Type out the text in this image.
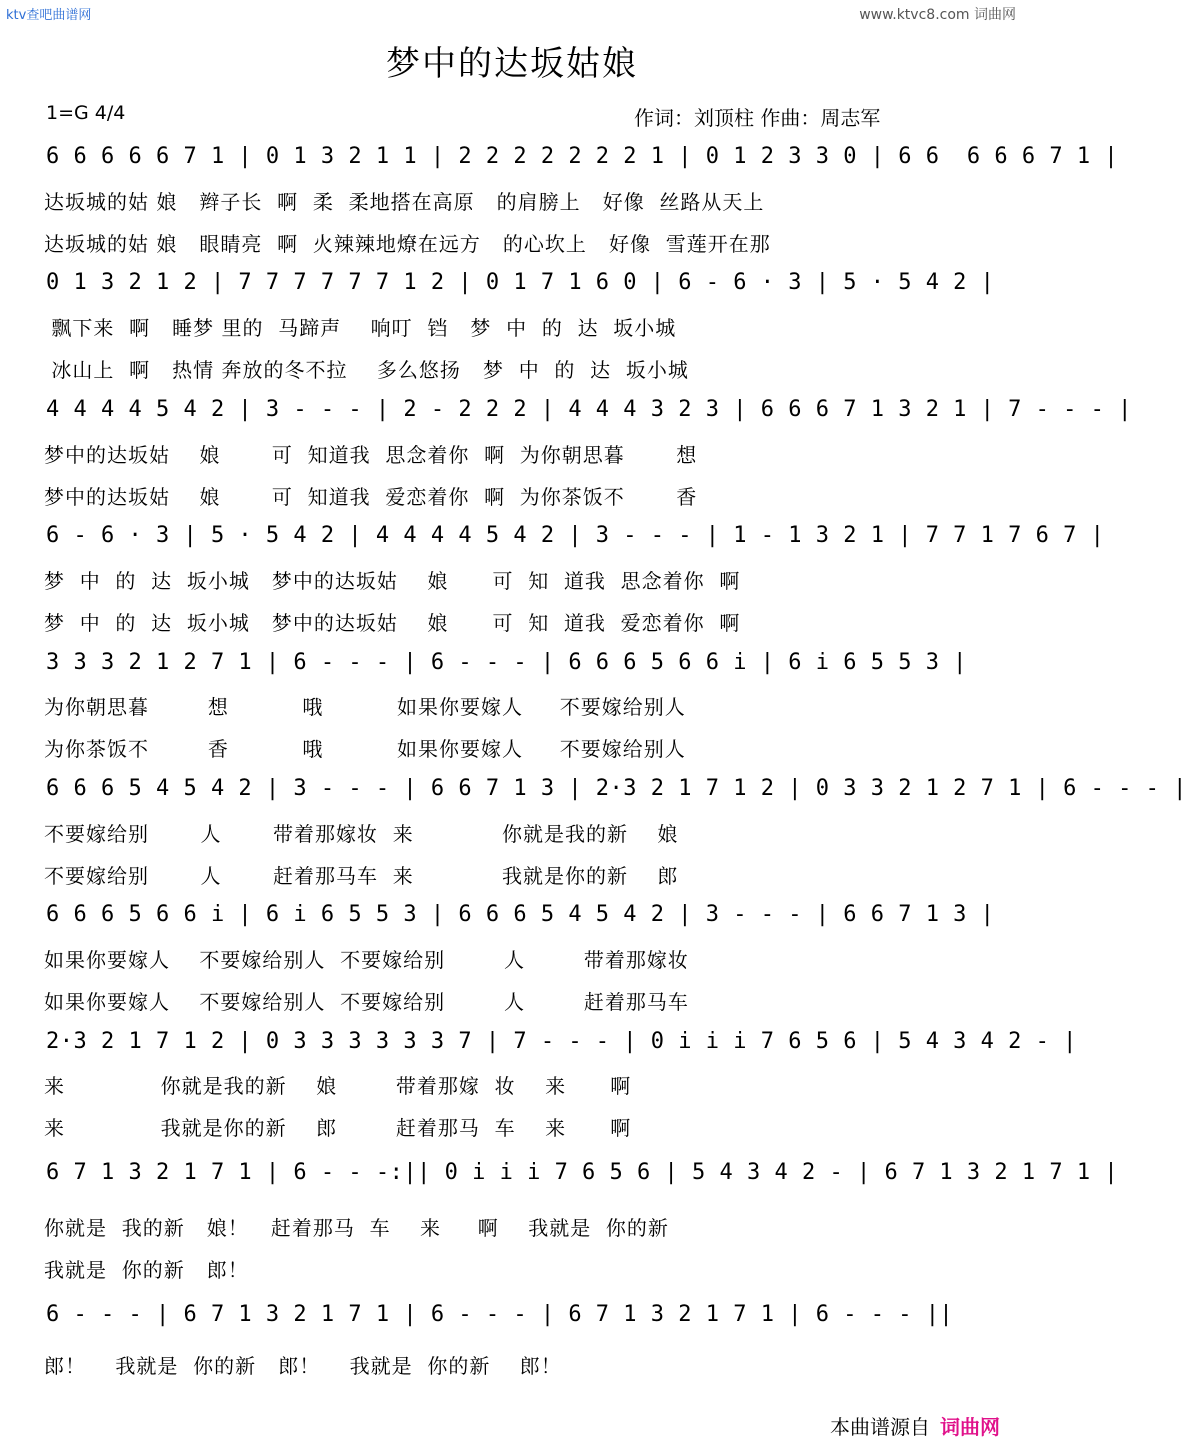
ktv查吧曲谱网	www.ktvc8.com 词曲网
梦中的达坂姑娘
1=G 4/4	作词：刘顶柱 作曲：周志军
6 6 6 6 6 7 1 | 0 1 3 2 1 1 | 2 2 2 2 2 2 2 1 | 0 1 2 3 3 0 | 6 6  6 6 6 7 1 |
达坂城的姑 娘   辫子长  啊  柔  柔地搭在高原   的肩膀上   好像  丝路从天上
达坂城的姑 娘   眼睛亮  啊  火辣辣地燎在远方   的心坎上   好像  雪莲开在那
0 1 3 2 1 2 | 7 7 7 7 7 7 1 2 | 0 1 7 1 6 0 | 6 - 6 · 3 | 5 · 5 4 2 |
飘下来  啊   睡梦 里的  马蹄声    响叮  铛   梦  中  的  达  坂小城
冰山上  啊   热情 奔放的冬不拉    多么悠扬   梦  中  的  达  坂小城
4 4 4 4 5 4 2 | 3 - - - | 2 - 2 2 2 | 4 4 4 3 2 3 | 6 6 6 7 1 3 2 1 | 7 - - - |
梦中的达坂姑    娘       可  知道我  思念着你  啊  为你朝思暮       想
梦中的达坂姑    娘       可  知道我  爱恋着你  啊  为你茶饭不       香
6 - 6 · 3 | 5 · 5 4 2 | 4 4 4 4 5 4 2 | 3 - - - | 1 - 1 3 2 1 | 7 7 1 7 6 7 |
梦  中  的  达  坂小城   梦中的达坂姑    娘      可  知  道我  思念着你  啊
梦  中  的  达  坂小城   梦中的达坂姑    娘      可  知  道我  爱恋着你  啊
3 3 3 2 1 2 7 1 | 6 - - - | 6 - - - | 6 6 6 5 6 6 i | 6 i 6 5 5 3 |
为你朝思暮        想          哦          如果你要嫁人     不要嫁给别人
为你茶饭不        香          哦          如果你要嫁人     不要嫁给别人
6 6 6 5 4 5 4 2 | 3 - - - | 6 6 7 1 3 | 2·3 2 1 7 1 2 | 0 3 3 2 1 2 7 1 | 6 - - - |
不要嫁给别       人       带着那嫁妆  来            你就是我的新    娘
不要嫁给别       人       赶着那马车  来            我就是你的新    郎
6 6 6 5 6 6 i | 6 i 6 5 5 3 | 6 6 6 5 4 5 4 2 | 3 - - - | 6 6 7 1 3 |
如果你要嫁人    不要嫁给别人  不要嫁给别        人        带着那嫁妆
如果你要嫁人    不要嫁给别人  不要嫁给别        人        赶着那马车
2·3 2 1 7 1 2 | 0 3 3 3 3 3 3 7 | 7 - - - | 0 i i i 7 6 5 6 | 5 4 3 4 2 - |
来             你就是我的新    娘        带着那嫁  妆    来      啊
来             我就是你的新    郎        赶着那马  车    来      啊
6 7 1 3 2 1 7 1 | 6 - - -:|| 0 i i i 7 6 5 6 | 5 4 3 4 2 - | 6 7 1 3 2 1 7 1 |
你就是  我的新   娘！   赶着那马  车    来     啊    我就是  你的新
我就是  你的新   郎！
6 - - - | 6 7 1 3 2 1 7 1 | 6 - - - | 6 7 1 3 2 1 7 1 | 6 - - - ||
郎！    我就是  你的新   郎！    我就是  你的新    郎！
本曲谱源自 词曲网
